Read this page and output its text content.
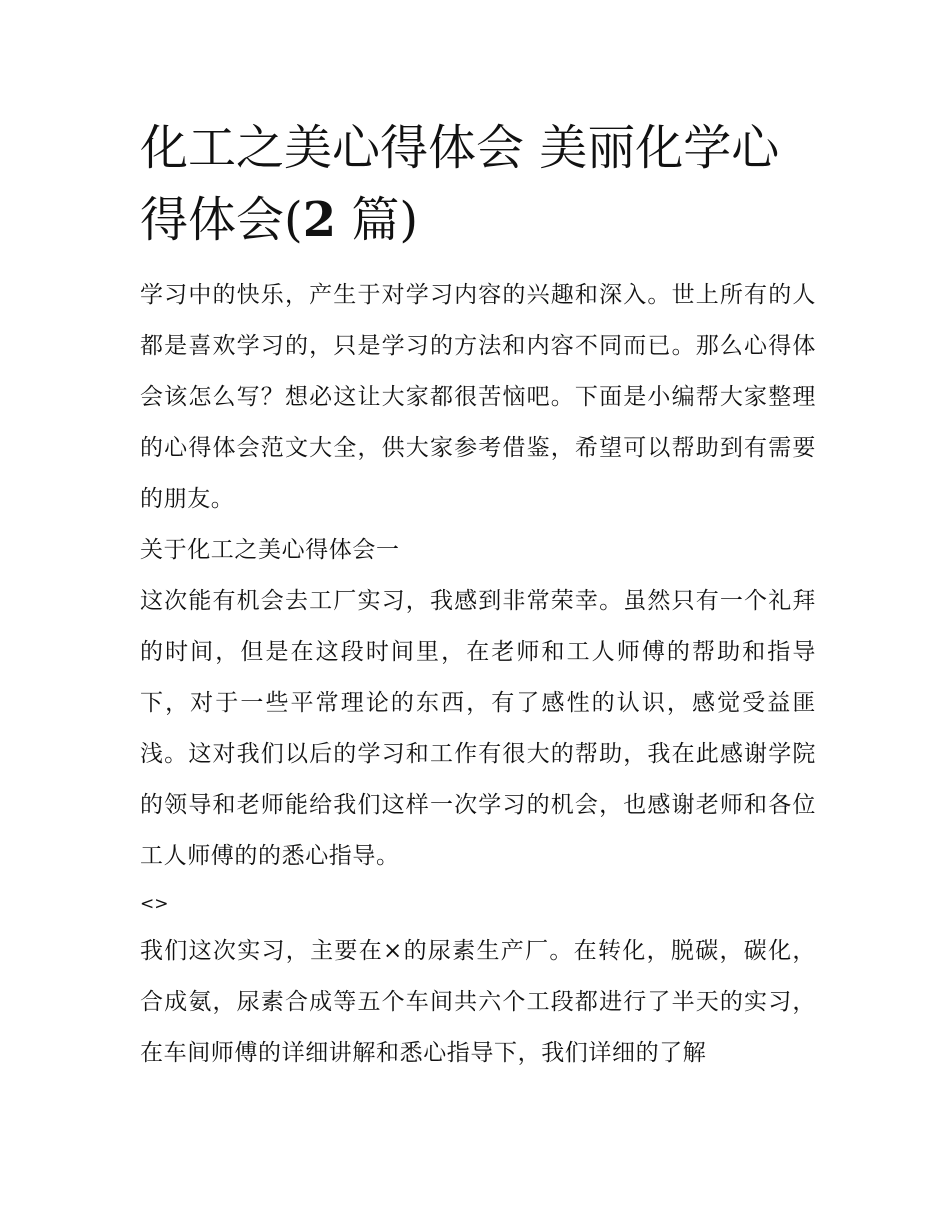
化工之美心得体会 美丽化学心得体会(2 篇)

学习中的快乐，产生于对学习内容的兴趣和深入。世上所有的人都是喜欢学习的，只是学习的方法和内容不同而已。那么心得体会该怎么写？想必这让大家都很苦恼吧。下面是小编帮大家整理的心得体会范文大全，供大家参考借鉴，希望可以帮助到有需要的朋友。

关于化工之美心得体会一

这次能有机会去工厂实习，我感到非常荣幸。虽然只有一个礼拜的时间，但是在这段时间里，在老师和工人师傅的帮助和指导下，对于一些平常理论的东西，有了感性的认识，感觉受益匪浅。这对我们以后的学习和工作有很大的帮助，我在此感谢学院的领导和老师能给我们这样一次学习的机会，也感谢老师和各位工人师傅的的悉心指导。

<>

我们这次实习，主要在×的尿素生产厂。在转化，脱碳，碳化，合成氨，尿素合成等五个车间共六个工段都进行了半天的实习，在车间师傅的详细讲解和悉心指导下，我们详细的了解
